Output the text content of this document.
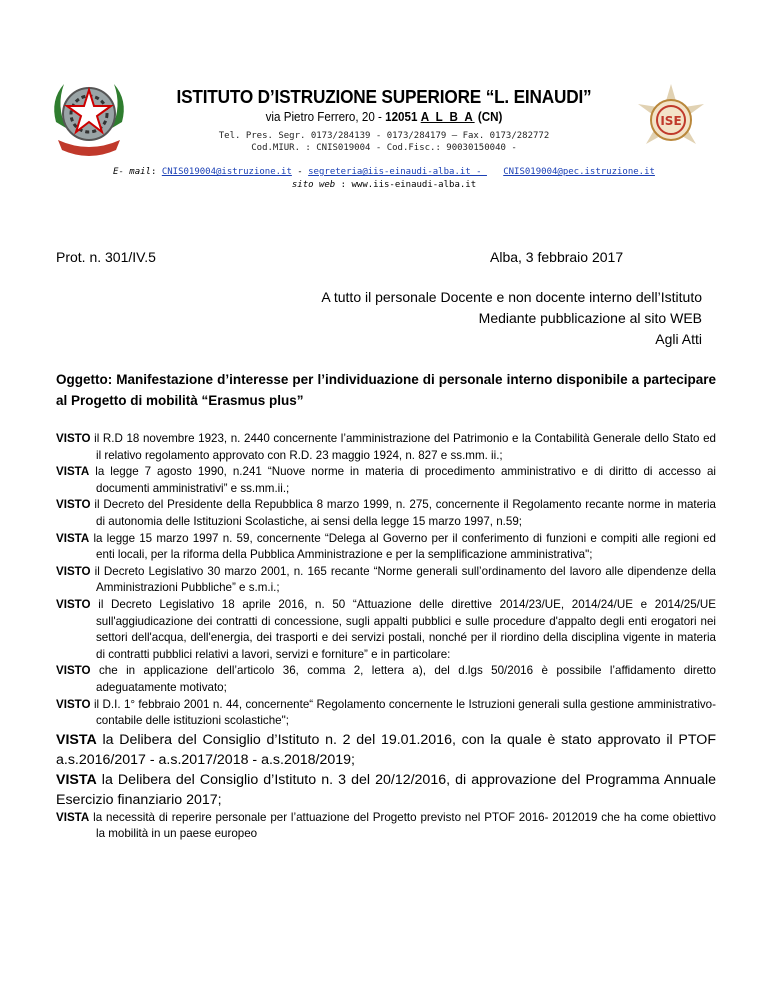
ISTITUTO D’ISTRUZIONE SUPERIORE “L. EINAUDI”
via Pietro Ferrero, 20 - 12051 A L B A (CN)
Tel. Pres. Segr. 0173/284139 - 0173/284179 – Fax. 0173/282772
Cod.MIUR. : CNIS019004 - Cod.Fisc.: 90030150040 -
E- mail: CNIS019004@istruzione.it - segreteria@iis-einaudi-alba.it -    CNIS019004@pec.istruzione.it
sito web : www.iis-einaudi-alba.it
ISE
Prot. n. 301/IV.5	Alba, 3 febbraio 2017
A tutto il personale Docente e non docente interno dell’Istituto
Mediante pubblicazione al sito WEB
Agli Atti
Oggetto: Manifestazione d’interesse per l’individuazione di personale interno disponibile a partecipare al Progetto di mobilità “Erasmus plus”

VISTO il R.D 18 novembre 1923, n. 2440 concernente l’amministrazione del Patrimonio e la Contabilità Generale dello Stato ed il relativo regolamento approvato con R.D. 23 maggio 1924, n. 827 e ss.mm. ii.;

VISTA la legge 7 agosto 1990, n.241 “Nuove norme in materia di procedimento amministrativo e di diritto di accesso ai documenti amministrativi” e ss.mm.ii.;

VISTO il Decreto del Presidente della Repubblica 8 marzo 1999, n. 275, concernente il Regolamento recante norme in materia di autonomia delle Istituzioni Scolastiche, ai sensi della legge 15 marzo 1997, n.59;

VISTA la legge 15 marzo 1997 n. 59, concernente “Delega al Governo per il conferimento di funzioni e compiti alle regioni ed enti locali, per la riforma della Pubblica Amministrazione e per la semplificazione amministrativa";

VISTO il Decreto Legislativo 30 marzo 2001, n. 165 recante “Norme generali sull’ordinamento del lavoro alle dipendenze della Amministrazioni Pubbliche” e s.m.i.;

VISTO il Decreto Legislativo 18 aprile 2016, n. 50 “Attuazione delle direttive 2014/23/UE, 2014/24/UE e 2014/25/UE sull'aggiudicazione dei contratti di concessione, sugli appalti pubblici e sulle procedure d'appalto degli enti erogatori nei settori dell'acqua, dell'energia, dei trasporti e dei servizi postali, nonché per il riordino della disciplina vigente in materia di contratti pubblici relativi a lavori, servizi e forniture” e in particolare:

VISTO che in applicazione dell’articolo 36, comma 2, lettera a), del d.lgs 50/2016 è possibile l’affidamento diretto adeguatamente motivato;

VISTO il D.I. 1° febbraio 2001 n. 44, concernente“ Regolamento concernente le Istruzioni generali sulla gestione amministrativo-contabile delle istituzioni scolastiche";

VISTA la Delibera del Consiglio d’Istituto n. 2 del 19.01.2016, con la quale è stato approvato il PTOF a.s.2016/2017 - a.s.2017/2018 - a.s.2018/2019;

VISTA la Delibera del Consiglio d’Istituto n. 3 del 20/12/2016, di approvazione del Programma Annuale Esercizio finanziario 2017;

VISTA la necessità di reperire personale per l’attuazione del Progetto previsto nel PTOF 2016- 2012019 che ha come obiettivo la mobilità in un paese europeo
